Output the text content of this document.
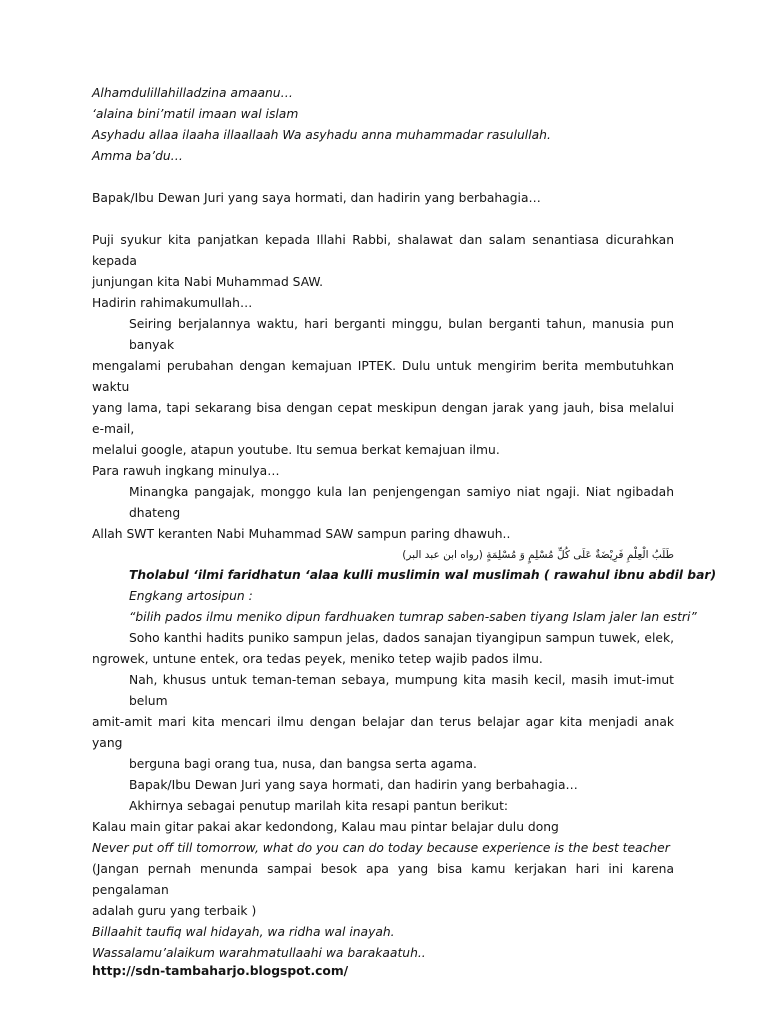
Alhamdulillahilladzina amaanu…
‘alaina bini’matil imaan wal islam
Asyhadu allaa ilaaha illaallaah Wa asyhadu anna muhammadar rasulullah.
Amma ba’du…
Bapak/Ibu Dewan Juri yang saya hormati, dan hadirin yang berbahagia…
Puji syukur kita panjatkan kepada Illahi Rabbi, shalawat dan salam senantiasa dicurahkan kepada
junjungan kita Nabi Muhammad SAW.
Hadirin rahimakumullah…
Seiring berjalannya waktu, hari berganti minggu, bulan berganti tahun, manusia pun banyak
mengalami perubahan dengan kemajuan IPTEK. Dulu untuk mengirim berita membutuhkan waktu
yang lama, tapi sekarang bisa dengan cepat meskipun dengan jarak yang jauh, bisa melalui e-mail,
melalui google, atapun youtube. Itu semua berkat kemajuan ilmu.
Para rawuh ingkang minulya…
Minangka pangajak, monggo kula lan penjengengan samiyo niat ngaji. Niat ngibadah dhateng
Allah SWT keranten Nabi Muhammad SAW sampun paring dhawuh..
طَلَبُ الْعِلْمِ فَرِيْضَةٌ عَلَى كُلِّ مُسْلِمٍ وَ مُسْلِمَةٍ (رواه ابن عبد البر)
Tholabul ‘ilmi faridhatun ‘alaa kulli muslimin wal muslimah ( rawahul ibnu abdil bar)
Engkang artosipun :
“bilih pados ilmu meniko dipun fardhuaken tumrap saben-saben tiyang Islam jaler lan estri”
Soho kanthi hadits puniko sampun jelas, dados sanajan tiyangipun sampun tuwek, elek,
ngrowek, untune entek, ora tedas peyek, meniko tetep wajib pados ilmu.
Nah, khusus untuk teman-teman sebaya, mumpung kita masih kecil, masih imut-imut belum
amit-amit mari kita mencari ilmu dengan belajar dan terus belajar agar kita menjadi anak yang
berguna bagi orang tua, nusa, dan bangsa serta agama.
Bapak/Ibu Dewan Juri yang saya hormati, dan hadirin yang berbahagia…
Akhirnya sebagai penutup marilah kita resapi pantun berikut:
Kalau main gitar pakai akar kedondong, Kalau mau pintar belajar dulu dong
Never put off till tomorrow, what do you can do today because experience is the best teacher
(Jangan pernah menunda sampai besok apa yang bisa kamu kerjakan hari ini karena pengalaman
adalah guru yang terbaik )
Billaahit taufiq wal hidayah, wa ridha wal inayah.
Wassalamu’alaikum warahmatullaahi wa barakaatuh..
http://sdn-tambaharjo.blogspot.com/
